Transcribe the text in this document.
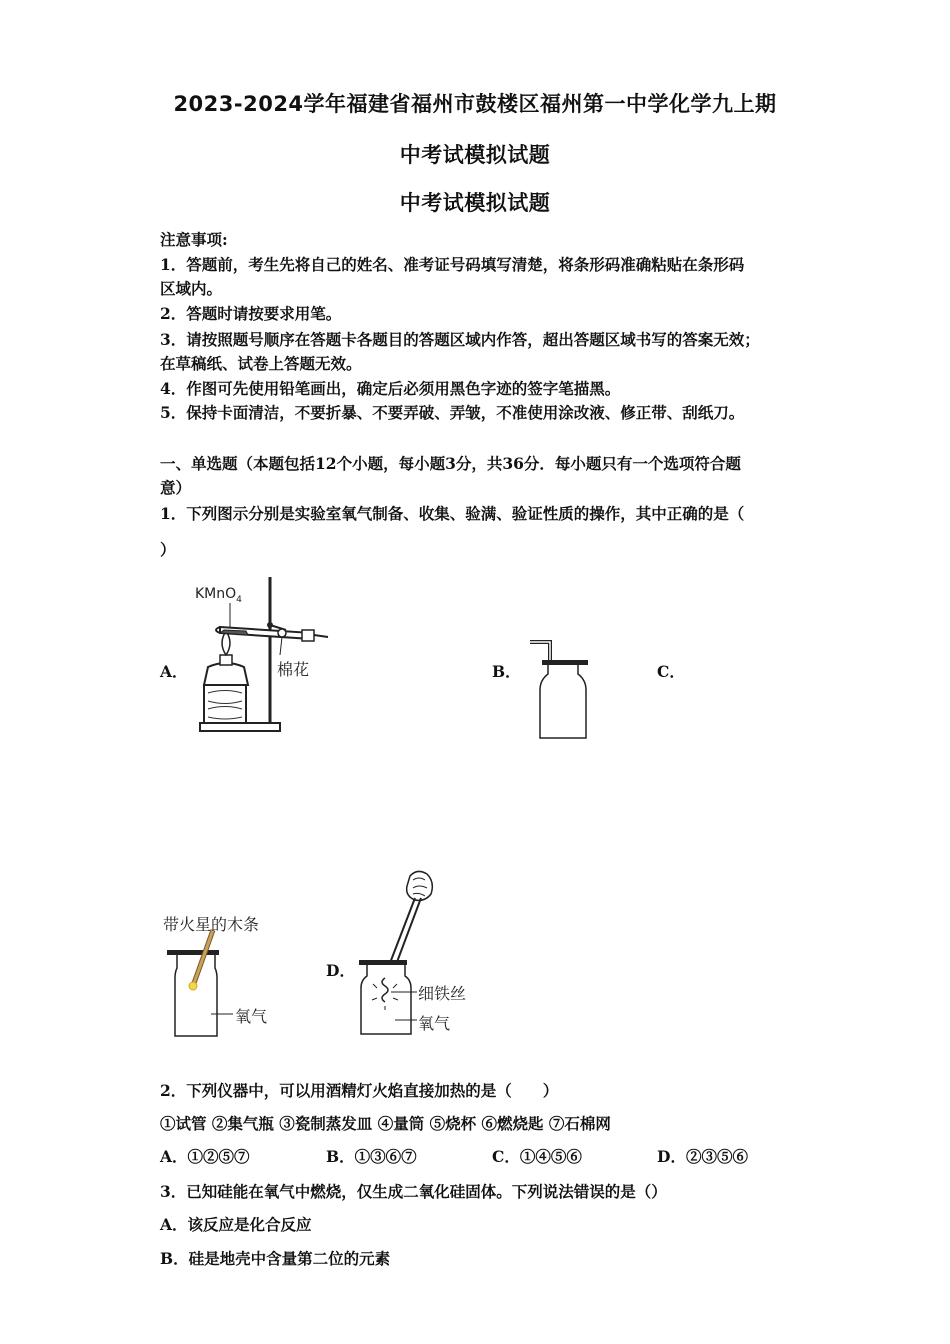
2023-2024学年福建省福州市鼓楼区福州第一中学化学九上期
中考试模拟试题
中考试模拟试题
注意事项:
1．答题前，考生先将自己的姓名、准考证号码填写清楚，将条形码准确粘贴在条形码
区域内。
2．答题时请按要求用笔。
3．请按照题号顺序在答题卡各题目的答题区域内作答，超出答题区域书写的答案无效；
在草稿纸、试卷上答题无效。
4．作图可先使用铅笔画出，确定后必须用黑色字迹的签字笔描黑。
5．保持卡面清洁，不要折暴、不要弄破、弄皱，不准使用涂改液、修正带、刮纸刀。
一、单选题（本题包括12个小题，每小题3分，共36分．每小题只有一个选项符合题
意）
1．下列图示分别是实验室氧气制备、收集、验满、验证性质的操作，其中正确的是（
）
A．	B．	C．
D．
KMnO$_4$
棉花
带火星的木条
氧气
细铁丝
氧气
2．下列仪器中，可以用酒精灯火焰直接加热的是（　　）
①试管 ②集气瓶 ③瓷制蒸发皿 ④量筒 ⑤烧杯 ⑥燃烧匙 ⑦石棉网
A．①②⑤⑦	B．①③⑥⑦	C．①④⑤⑥	D．②③⑤⑥
3．已知硅能在氧气中燃烧，仅生成二氧化硅固体。下列说法错误的是（）
A．该反应是化合反应
B．硅是地壳中含量第二位的元素
